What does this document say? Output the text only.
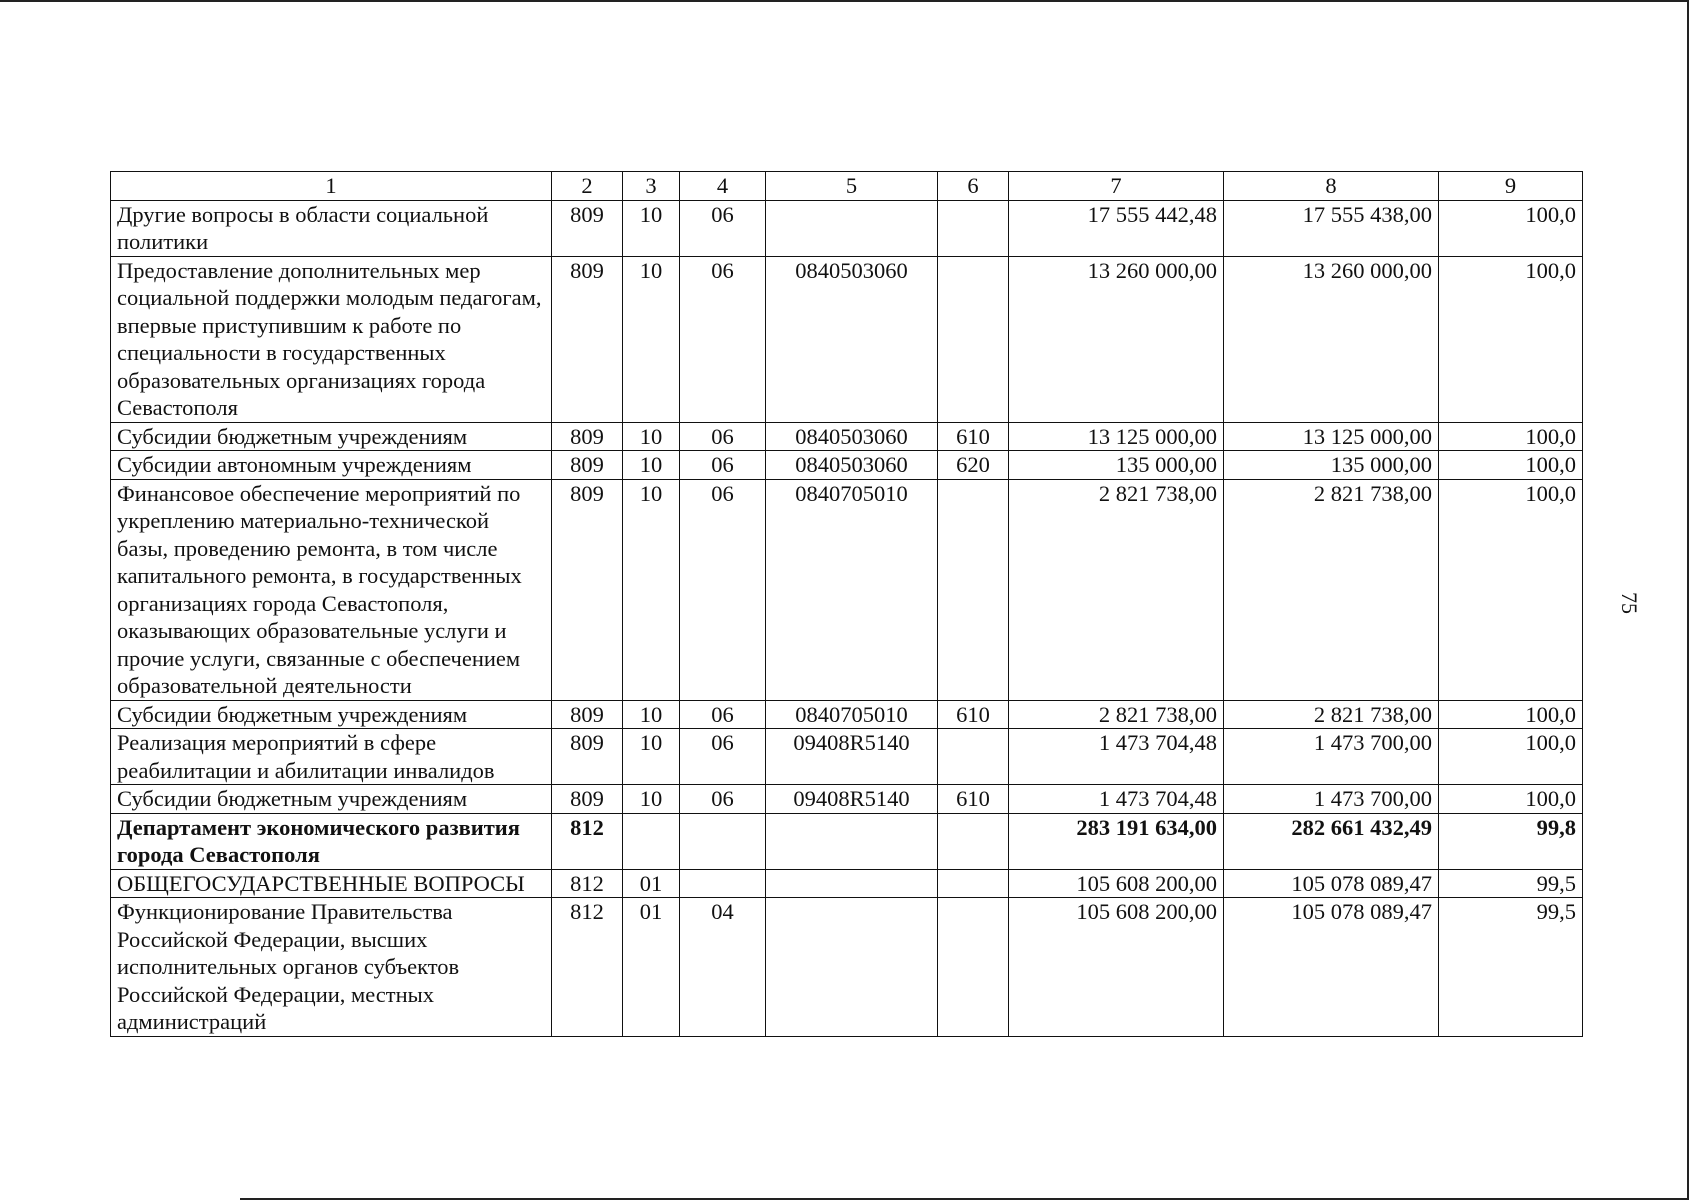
75
1	2	3	4	5	6	7	8	9
Другие вопросы в области социальной политики	809	10	06			17 555 442,48	17 555 438,00	100,0
Предоставление дополнительных мер социальной поддержки молодым педагогам, впервые приступившим к работе по специальности в государственных образовательных организациях города Севастополя	809	10	06	0840503060		13 260 000,00	13 260 000,00	100,0
Субсидии бюджетным учреждениям	809	10	06	0840503060	610	13 125 000,00	13 125 000,00	100,0
Субсидии автономным учреждениям	809	10	06	0840503060	620	135 000,00	135 000,00	100,0
Финансовое обеспечение мероприятий по укреплению материально-технической базы, проведению ремонта, в том числе капитального ремонта, в государственных организациях города Севастополя, оказывающих образовательные услуги и прочие услуги, связанные с обеспечением образовательной деятельности	809	10	06	0840705010		2 821 738,00	2 821 738,00	100,0
Субсидии бюджетным учреждениям	809	10	06	0840705010	610	2 821 738,00	2 821 738,00	100,0
Реализация мероприятий в сфере реабилитации и абилитации инвалидов	809	10	06	09408R5140		1 473 704,48	1 473 700,00	100,0
Субсидии бюджетным учреждениям	809	10	06	09408R5140	610	1 473 704,48	1 473 700,00	100,0
Департамент экономического развития города Севастополя	812					283 191 634,00	282 661 432,49	99,8
ОБЩЕГОСУДАРСТВЕННЫЕ ВОПРОСЫ	812	01				105 608 200,00	105 078 089,47	99,5
Функционирование Правительства Российской Федерации, высших исполнительных органов субъектов Российской Федерации, местных администраций	812	01	04			105 608 200,00	105 078 089,47	99,5
